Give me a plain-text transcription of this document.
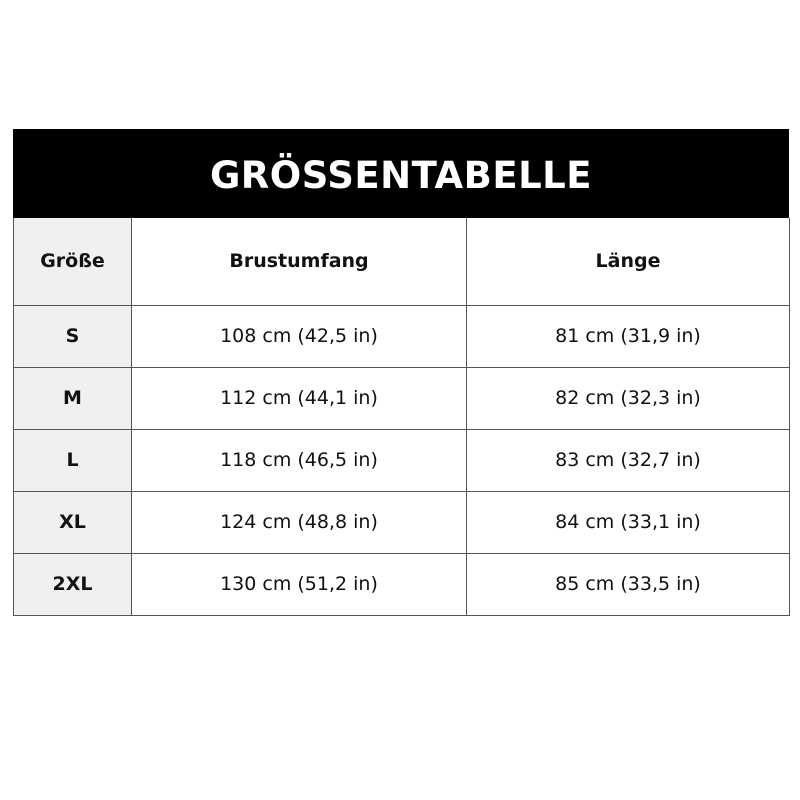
GRÖSSENTABELLE
Größe	Brustumfang	Länge
S	108 cm (42,5 in)	81 cm (31,9 in)
M	112 cm (44,1 in)	82 cm (32,3 in)
L	118 cm (46,5 in)	83 cm (32,7 in)
XL	124 cm (48,8 in)	84 cm (33,1 in)
2XL	130 cm (51,2 in)	85 cm (33,5 in)
